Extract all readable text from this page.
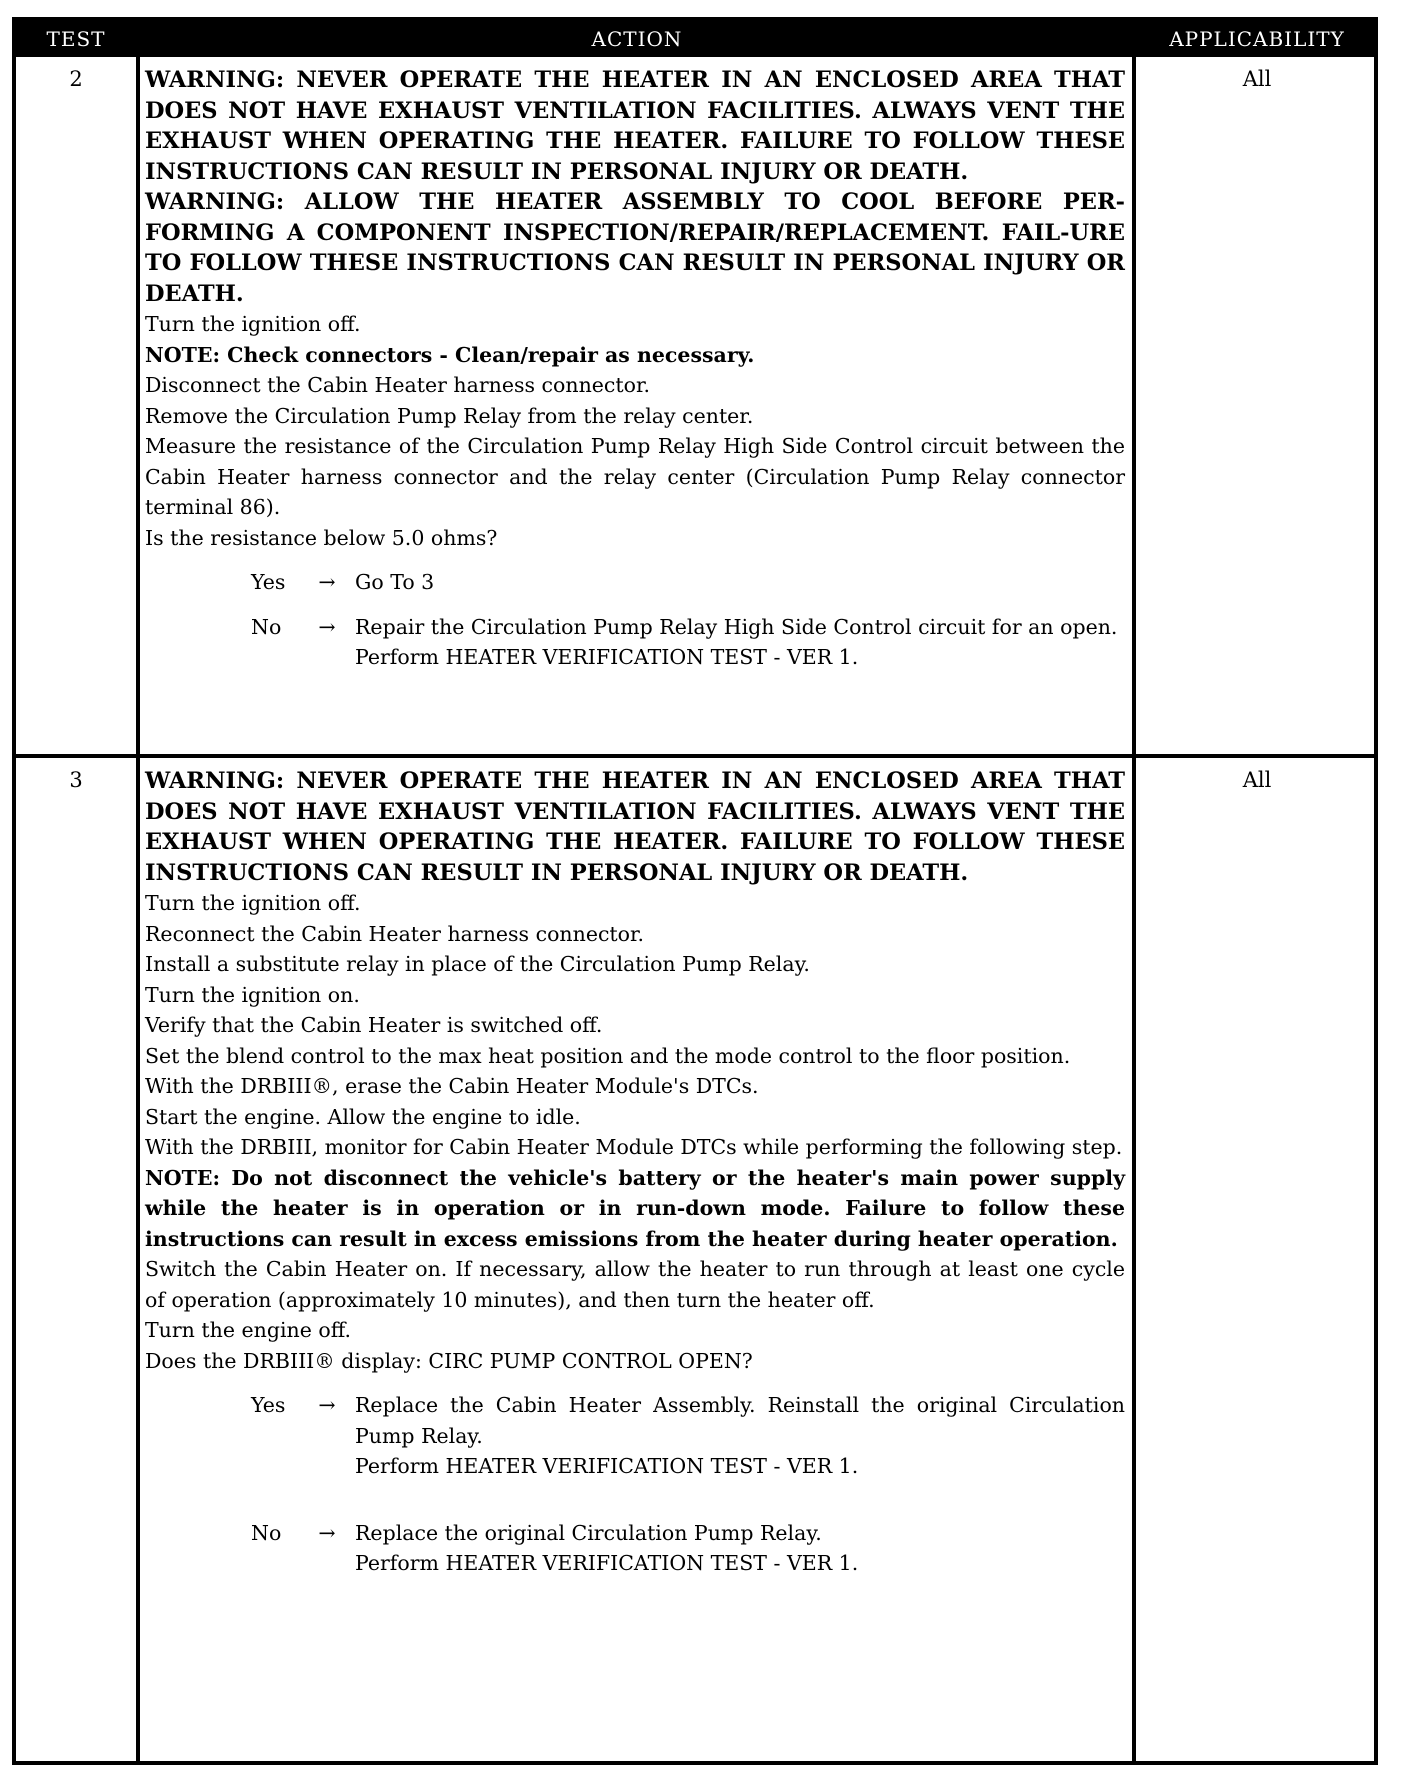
TEST	ACTION	APPLICABILITY
2	WARNING: NEVER OPERATE THE HEATER IN AN ENCLOSED AREA THAT DOES NOT HAVE EXHAUST VENTILATION FACILITIES. ALWAYS VENT THE EXHAUST WHEN OPERATING THE HEATER. FAILURE TO FOLLOW THESE INSTRUCTIONS CAN RESULT IN PERSONAL INJURY OR DEATH.

WARNING: ALLOW THE HEATER ASSEMBLY TO COOL BEFORE PER-FORMING A COMPONENT INSPECTION/REPAIR/REPLACEMENT. FAIL-URE TO FOLLOW THESE INSTRUCTIONS CAN RESULT IN PERSONAL INJURY OR DEATH.

Turn the ignition off.

NOTE: Check connectors - Clean/repair as necessary.

Disconnect the Cabin Heater harness connector.

Remove the Circulation Pump Relay from the relay center.

Measure the resistance of the Circulation Pump Relay High Side Control circuit between the Cabin Heater harness connector and the relay center (Circulation Pump Relay connector terminal 86).

Is the resistance below 5.0 ohms?

Yes	→ Go To 3

No	→ Repair the Circulation Pump Relay High Side Control circuit for an open.

Perform HEATER VERIFICATION TEST - VER 1.

All
3	WARNING: NEVER OPERATE THE HEATER IN AN ENCLOSED AREA THAT DOES NOT HAVE EXHAUST VENTILATION FACILITIES. ALWAYS VENT THE EXHAUST WHEN OPERATING THE HEATER. FAILURE TO FOLLOW THESE INSTRUCTIONS CAN RESULT IN PERSONAL INJURY OR DEATH.

Turn the ignition off.

Reconnect the Cabin Heater harness connector.

Install a substitute relay in place of the Circulation Pump Relay.

Turn the ignition on.

Verify that the Cabin Heater is switched off.

Set the blend control to the max heat position and the mode control to the floor position.

With the DRBIII®, erase the Cabin Heater Module's DTCs.

Start the engine. Allow the engine to idle.

With the DRBIII, monitor for Cabin Heater Module DTCs while performing the following step.

NOTE: Do not disconnect the vehicle's battery or the heater's main power supply while the heater is in operation or in run-down mode. Failure to follow these instructions can result in excess emissions from the heater during heater operation.

Switch the Cabin Heater on. If necessary, allow the heater to run through at least one cycle of operation (approximately 10 minutes), and then turn the heater off.

Turn the engine off.

Does the DRBIII® display: CIRC PUMP CONTROL OPEN?

Yes	→ Replace the Cabin Heater Assembly. Reinstall the original Circulation Pump Relay.

Perform HEATER VERIFICATION TEST - VER 1.

No	→ Replace the original Circulation Pump Relay.

Perform HEATER VERIFICATION TEST - VER 1.

All
